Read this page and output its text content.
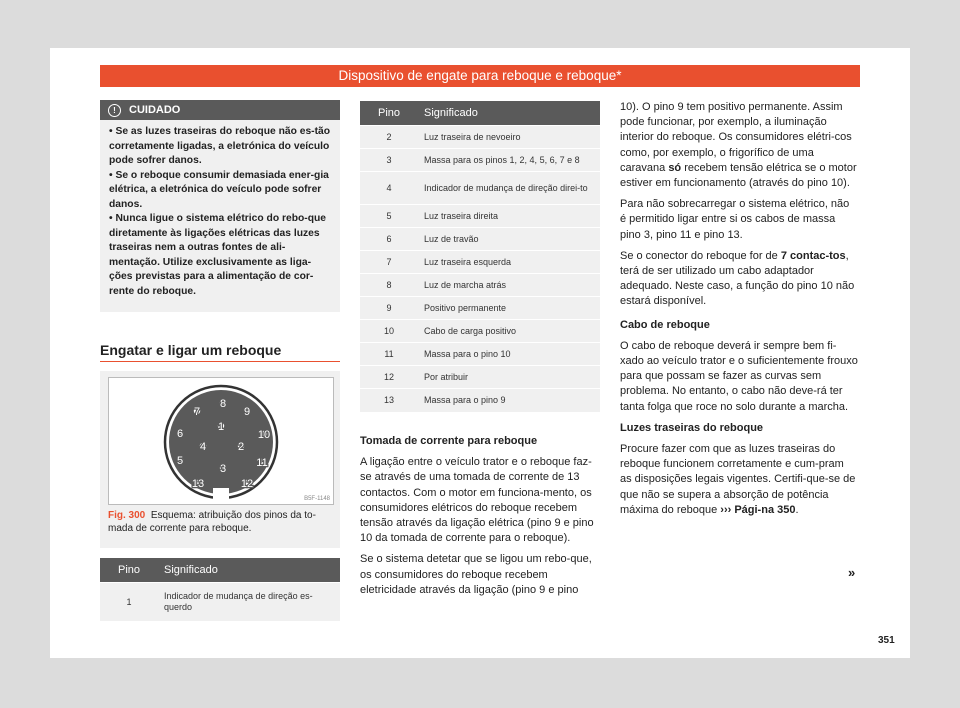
Dispositivo de engate para reboque e reboque*
!	CUIDADO

• Se as luzes traseiras do reboque não es-tão corretamente ligadas, a eletrónica do veículo pode sofrer danos.

• Se o reboque consumir demasiada ener-gia elétrica, a eletrónica do veículo pode sofrer danos.

• Nunca ligue o sistema elétrico do rebo-que diretamente às ligações elétricas das luzes traseiras nem a outras fontes de ali-mentação. Utilize exclusivamente as liga-ções previstas para a alimentação de cor-rente do reboque.

Engatar e ligar um reboque
1
2
3
4
5
6
7
8
9
10
11
12
13
B5F-1148
Fig. 300 Esquema: atribuição dos pinos da to-mada de corrente para reboque.
Pino	Significado
1	Indicador de mudança de direção es-querdo
Pino	Significado
2	Luz traseira de nevoeiro
3	Massa para os pinos 1, 2, 4, 5, 6, 7 e 8
4	Indicador de mudança de direção direi-to
5	Luz traseira direita
6	Luz de travão
7	Luz traseira esquerda
8	Luz de marcha atrás
9	Positivo permanente
10	Cabo de carga positivo
11	Massa para o pino 10
12	Por atribuir
13	Massa para o pino 9

Tomada de corrente para reboque

A ligação entre o veículo trator e o reboque faz-se através de uma tomada de corrente de 13 contactos. Com o motor em funciona-mento, os consumidores elétricos do reboque recebem tensão através da ligação elétrica (pino 9 e pino 10 da tomada de corrente para o reboque).

Se o sistema detetar que se ligou um rebo-que, os consumidores do reboque recebem eletricidade através da ligação (pino 9 e pino

10). O pino 9 tem positivo permanente. Assim pode funcionar, por exemplo, a iluminação interior do reboque. Os consumidores elétri-cos como, por exemplo, o frigorífico de uma caravana só recebem tensão elétrica se o motor estiver em funcionamento (através do pino 10).

Para não sobrecarregar o sistema elétrico, não é permitido ligar entre si os cabos de massa pino 3, pino 11 e pino 13.

Se o conector do reboque for de 7 contac-tos, terá de ser utilizado um cabo adaptador adequado. Neste caso, a função do pino 10 não estará disponível.

Cabo de reboque

O cabo de reboque deverá ir sempre bem fi-xado ao veículo trator e o suficientemente frouxo para que possam se fazer as curvas sem problema. No entanto, o cabo não deve-rá ter tanta folga que roce no solo durante a marcha.

Luzes traseiras do reboque

Procure fazer com que as luzes traseiras do reboque funcionem corretamente e cum-pram as disposições legais vigentes. Certifi-que-se de que não se supera a absorção de potência máxima do reboque ››› Pági-na 350.

»
351
